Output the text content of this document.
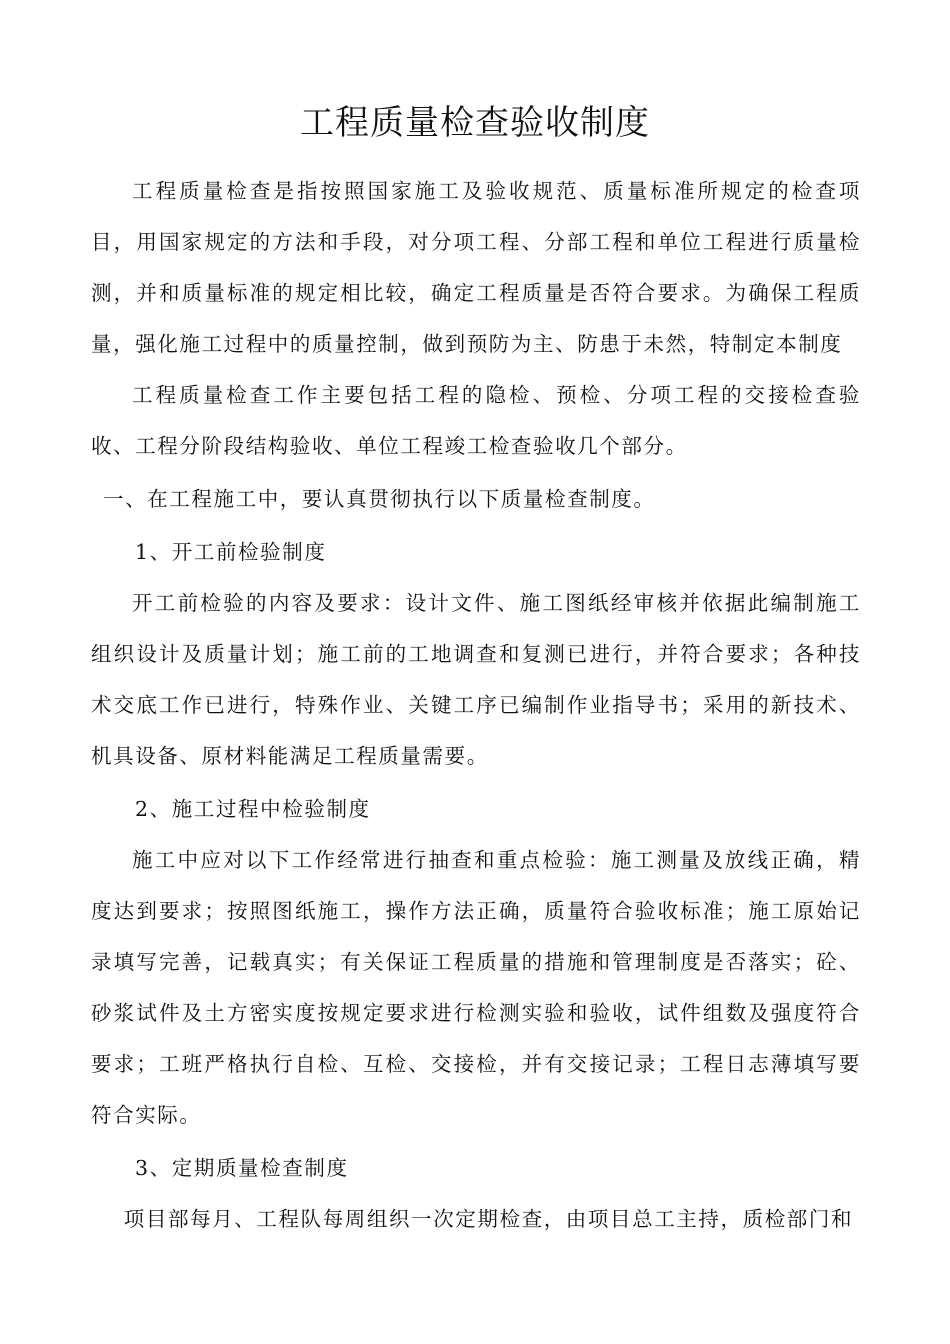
工程质量检查验收制度

工程质量检查是指按照国家施工及验收规范、质量标准所规定的检查项目，用国家规定的方法和手段，对分项工程、分部工程和单位工程进行质量检测，并和质量标准的规定相比较，确定工程质量是否符合要求。为确保工程质量，强化施工过程中的质量控制，做到预防为主、防患于未然，特制定本制度

工程质量检查工作主要包括工程的隐检、预检、分项工程的交接检查验收、工程分阶段结构验收、单位工程竣工检查验收几个部分。

一、在工程施工中，要认真贯彻执行以下质量检查制度。

1、开工前检验制度

开工前检验的内容及要求：设计文件、施工图纸经审核并依据此编制施工组织设计及质量计划；施工前的工地调查和复测已进行，并符合要求；各种技术交底工作已进行，特殊作业、关键工序已编制作业指导书；采用的新技术、机具设备、原材料能满足工程质量需要。

2、施工过程中检验制度

施工中应对以下工作经常进行抽查和重点检验：施工测量及放线正确，精度达到要求；按照图纸施工，操作方法正确，质量符合验收标准；施工原始记录填写完善，记载真实；有关保证工程质量的措施和管理制度是否落实；砼、砂浆试件及土方密实度按规定要求进行检测实验和验收，试件组数及强度符合要求；工班严格执行自检、互检、交接检，并有交接记录；工程日志薄填写要符合实际。

3、定期质量检查制度

项目部每月、工程队每周组织一次定期检查，由项目总工主持，质检部门和
